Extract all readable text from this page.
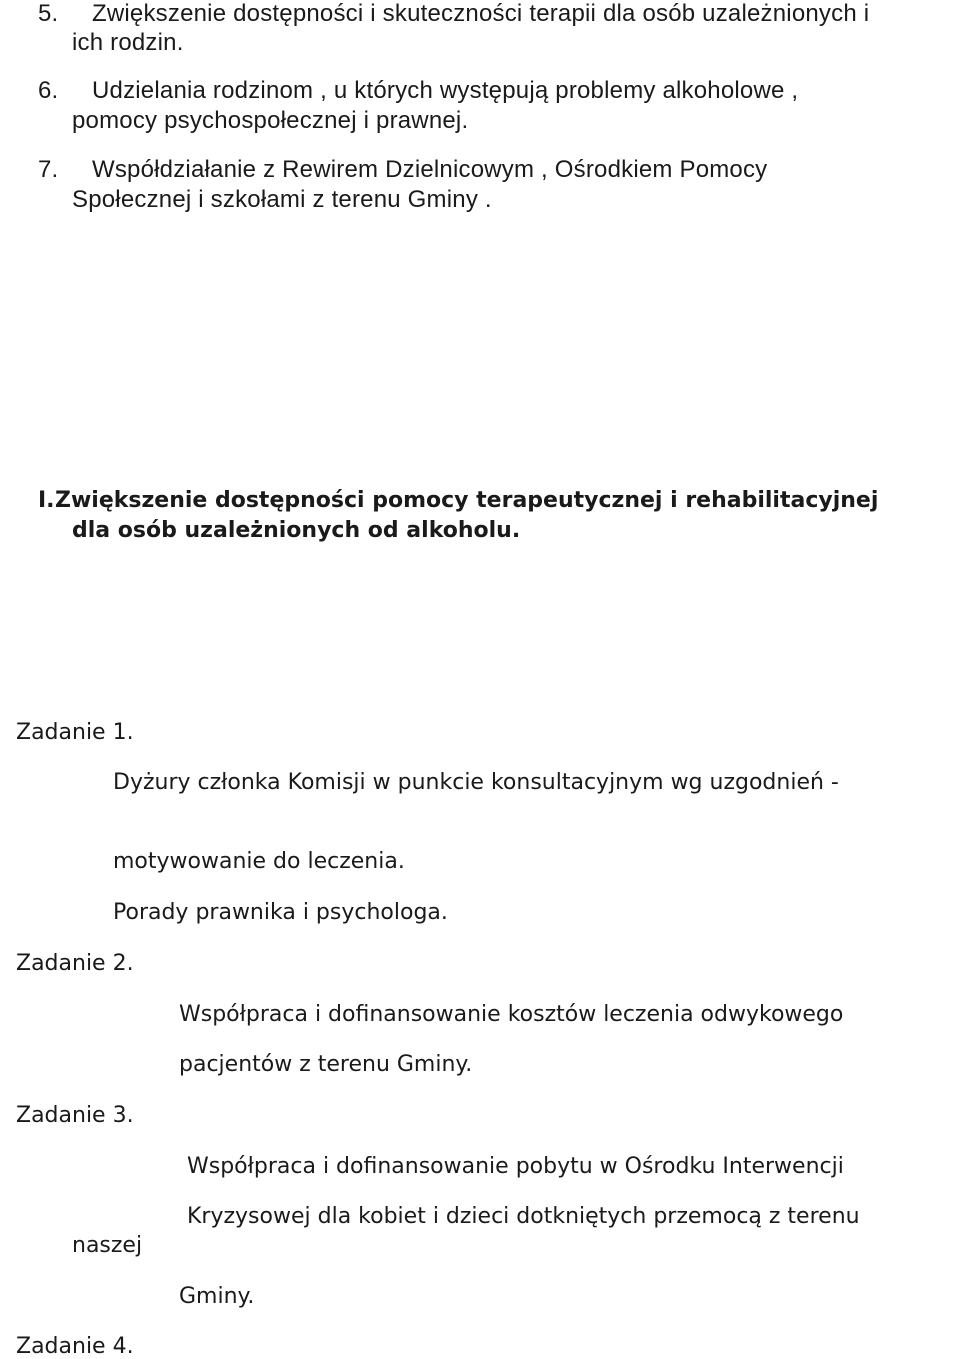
5. Zwiększenie dostępności i skuteczności terapii dla osób uzależnionych i
ich rodzin.
6. Udzielania rodzinom , u których występują problemy alkoholowe ,
pomocy psychospołecznej i prawnej.
7. Współdziałanie z Rewirem Dzielnicowym , Ośrodkiem Pomocy
Społecznej i szkołami z terenu Gminy .
I. Zwiększenie dostępności pomocy terapeutycznej i rehabilitacyjnej
dla osób uzależnionych od alkoholu.
Zadanie 1.
Dyżury członka Komisji w punkcie konsultacyjnym wg uzgodnień -
motywowanie do leczenia.
Porady prawnika i psychologa.
Zadanie 2.
Współpraca i dofinansowanie kosztów leczenia odwykowego
pacjentów z terenu Gminy.
Zadanie 3.
Współpraca i dofinansowanie pobytu w Ośrodku Interwencji
Kryzysowej dla kobiet i dzieci dotkniętych przemocą z terenu
naszej
Gminy.
Zadanie 4.
